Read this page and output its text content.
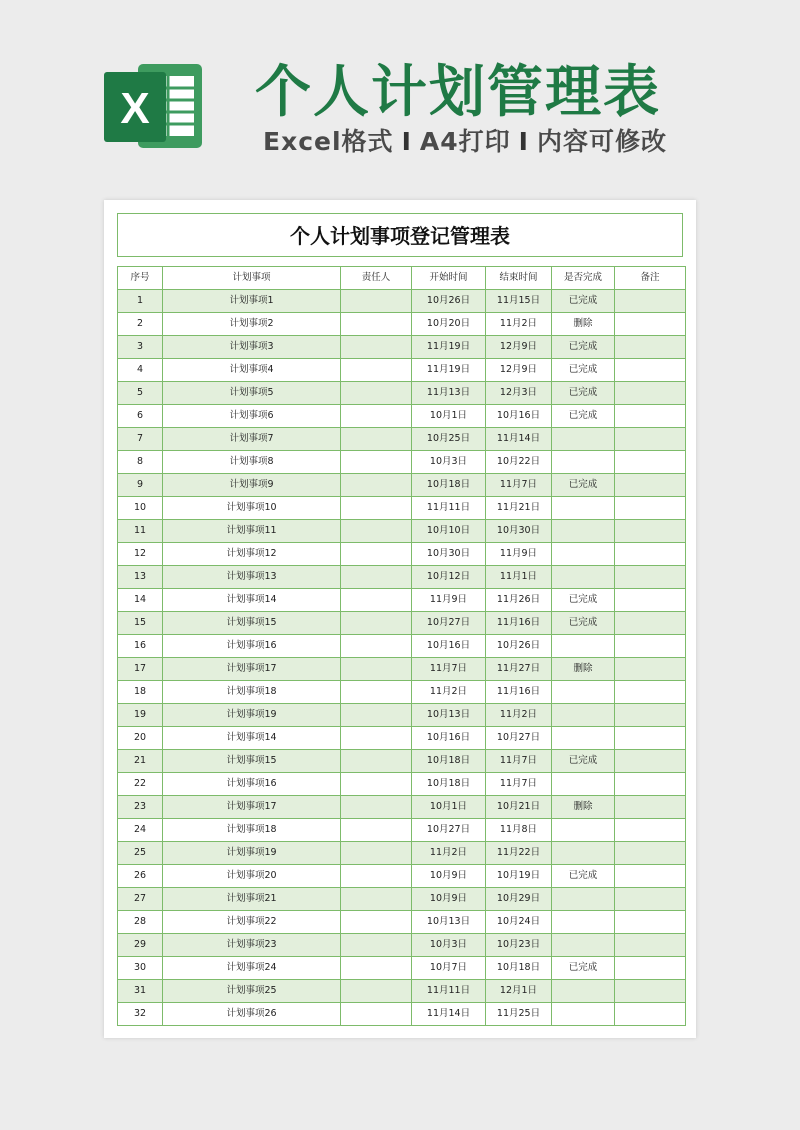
X 个人计划管理表
Excel格式 I A4打印 I 内容可修改
个人计划事项登记管理表
序号	计划事项	责任人	开始时间	结束时间	是否完成	备注
1	计划事项1		10月26日	11月15日	已完成	
2	计划事项2		10月20日	11月2日	删除	
3	计划事项3		11月19日	12月9日	已完成	
4	计划事项4		11月19日	12月9日	已完成	
5	计划事项5		11月13日	12月3日	已完成	
6	计划事项6		10月1日	10月16日	已完成	
7	计划事项7		10月25日	11月14日		
8	计划事项8		10月3日	10月22日		
9	计划事项9		10月18日	11月7日	已完成	
10	计划事项10		11月11日	11月21日		
11	计划事项11		10月10日	10月30日		
12	计划事项12		10月30日	11月9日		
13	计划事项13		10月12日	11月1日		
14	计划事项14		11月9日	11月26日	已完成	
15	计划事项15		10月27日	11月16日	已完成	
16	计划事项16		10月16日	10月26日		
17	计划事项17		11月7日	11月27日	删除	
18	计划事项18		11月2日	11月16日		
19	计划事项19		10月13日	11月2日		
20	计划事项14		10月16日	10月27日		
21	计划事项15		10月18日	11月7日	已完成	
22	计划事项16		10月18日	11月7日		
23	计划事项17		10月1日	10月21日	删除	
24	计划事项18		10月27日	11月8日		
25	计划事项19		11月2日	11月22日		
26	计划事项20		10月9日	10月19日	已完成	
27	计划事项21		10月9日	10月29日		
28	计划事项22		10月13日	10月24日		
29	计划事项23		10月3日	10月23日		
30	计划事项24		10月7日	10月18日	已完成	
31	计划事项25		11月11日	12月1日		
32	计划事项26		11月14日	11月25日		
